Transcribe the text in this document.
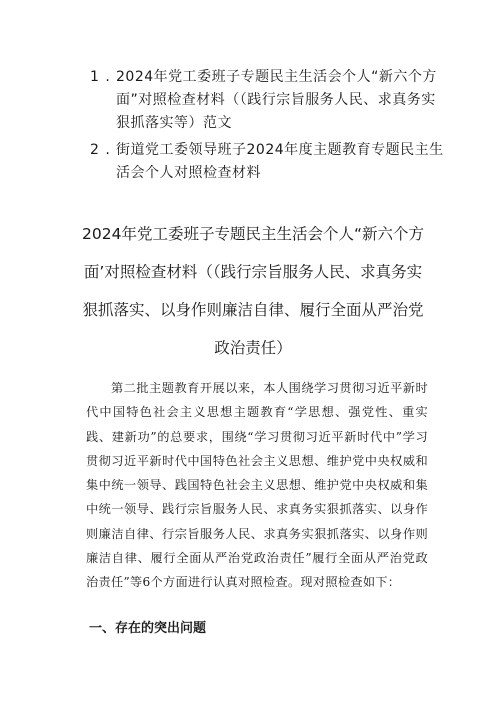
1 . 2024年党工委班子专题民主生活会个人“新六个方面”对照检查材料（（践行宗旨服务人民、求真务实狠抓落实等）范文
2 . 街道党工委领导班子2024年度主题教育专题民主生活会个人对照检查材料
2024年党工委班子专题民主生活会个人“新六个方面’对照检查材料（（践行宗旨服务人民、求真务实狠抓落实、以身作则廉洁自律、履行全面从严治党政治责任）
第二批主题教育开展以来，本人围绕学习贯彻习近平新时代中国特色社会主义思想主题教育“学思想、强党性、重实践、建新功”的总要求，围绕“学习贯彻习近平新时代中”学习贯彻习近平新时代中国特色社会主义思想、维护党中央权威和集中统一领导、践国特色社会主义思想、维护党中央权威和集中统一领导、践行宗旨服务人民、求真务实狠抓落实、以身作则廉洁自律、行宗旨服务人民、求真务实狠抓落实、以身作则廉洁自律、履行全面从严治党政治责任”履行全面从严治党政治责任”等6个方面进行认真对照检查。现对照检查如下：
一、存在的突出问题
